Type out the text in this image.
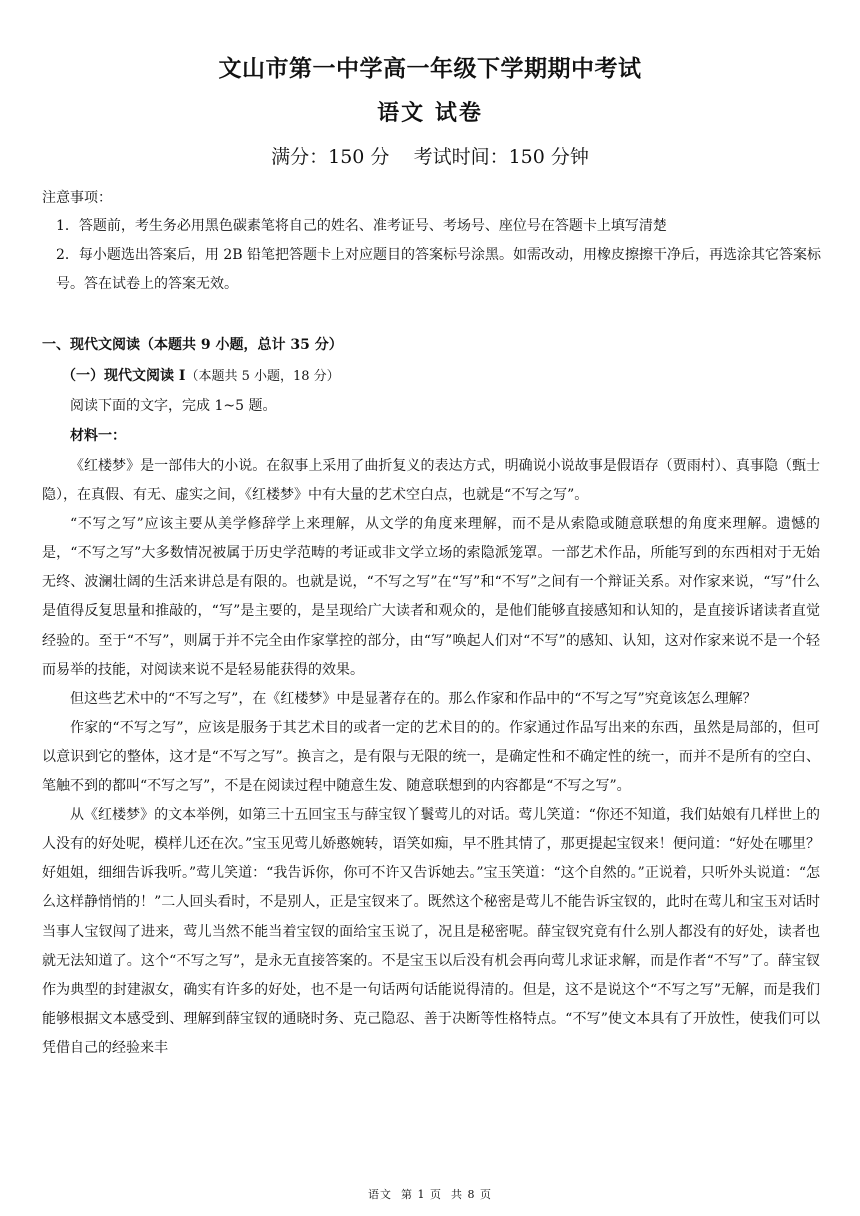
文山市第一中学高一年级下学期期中考试
语文 试卷
满分：150 分    考试时间：150 分钟
注意事项：
1．答题前，考生务必用黑色碳素笔将自己的姓名、准考证号、考场号、座位号在答题卡上填写清楚
2．每小题选出答案后，用 2B 铅笔把答题卡上对应题目的答案标号涂黑。如需改动，用橡皮擦擦干净后，再选涂其它答案标号。答在试卷上的答案无效。
一、现代文阅读（本题共 9 小题，总计 35 分）
（一）现代文阅读 I（本题共 5 小题，18 分）
阅读下面的文字，完成 1~5 题。
材料一：

《红楼梦》是一部伟大的小说。在叙事上采用了曲折复义的表达方式，明确说小说故事是假语存（贾雨村）、真事隐（甄士隐），在真假、有无、虚实之间，《红楼梦》中有大量的艺术空白点，也就是“不写之写”。

“不写之写”应该主要从美学修辞学上来理解，从文学的角度来理解，而不是从索隐或随意联想的角度来理解。遗憾的是，“不写之写”大多数情况被属于历史学范畴的考证或非文学立场的索隐派笼罩。一部艺术作品，所能写到的东西相对于无始无终、波澜壮阔的生活来讲总是有限的。也就是说，“不写之写”在“写”和“不写”之间有一个辩证关系。对作家来说，“写”什么是值得反复思量和推敲的，“写”是主要的，是呈现给广大读者和观众的，是他们能够直接感知和认知的，是直接诉诸读者直觉经验的。至于“不写”，则属于并不完全由作家掌控的部分，由“写”唤起人们对“不写”的感知、认知，这对作家来说不是一个轻而易举的技能，对阅读来说不是轻易能获得的效果。

但这些艺术中的“不写之写”，在《红楼梦》中是显著存在的。那么作家和作品中的“不写之写”究竟该怎么理解？

作家的“不写之写”，应该是服务于其艺术目的或者一定的艺术目的的。作家通过作品写出来的东西，虽然是局部的，但可以意识到它的整体，这才是“不写之写”。换言之，是有限与无限的统一，是确定性和不确定性的统一，而并不是所有的空白、笔触不到的都叫“不写之写”，不是在阅读过程中随意生发、随意联想到的内容都是“不写之写”。

从《红楼梦》的文本举例，如第三十五回宝玉与薛宝钗丫鬟莺儿的对话。莺儿笑道：“你还不知道，我们姑娘有几样世上的人没有的好处呢，模样儿还在次。”宝玉见莺儿娇憨婉转，语笑如痴，早不胜其情了，那更提起宝钗来！便问道：“好处在哪里？好姐姐，细细告诉我听。”莺儿笑道：“我告诉你，你可不许又告诉她去。”宝玉笑道：“这个自然的。”正说着，只听外头说道：“怎么这样静悄悄的！”二人回头看时，不是别人，正是宝钗来了。既然这个秘密是莺儿不能告诉宝钗的，此时在莺儿和宝玉对话时当事人宝钗闯了进来，莺儿当然不能当着宝钗的面给宝玉说了，况且是秘密呢。薛宝钗究竟有什么别人都没有的好处，读者也就无法知道了。这个“不写之写”，是永无直接答案的。不是宝玉以后没有机会再向莺儿求证求解，而是作者“不写”了。薛宝钗作为典型的封建淑女，确实有许多的好处，也不是一句话两句话能说得清的。但是，这不是说这个“不写之写”无解，而是我们能够根据文本感受到、理解到薛宝钗的通晓时务、克己隐忍、善于决断等性格特点。“不写”使文本具有了开放性，使我们可以凭借自己的经验来丰

语文  第 1 页  共 8 页
